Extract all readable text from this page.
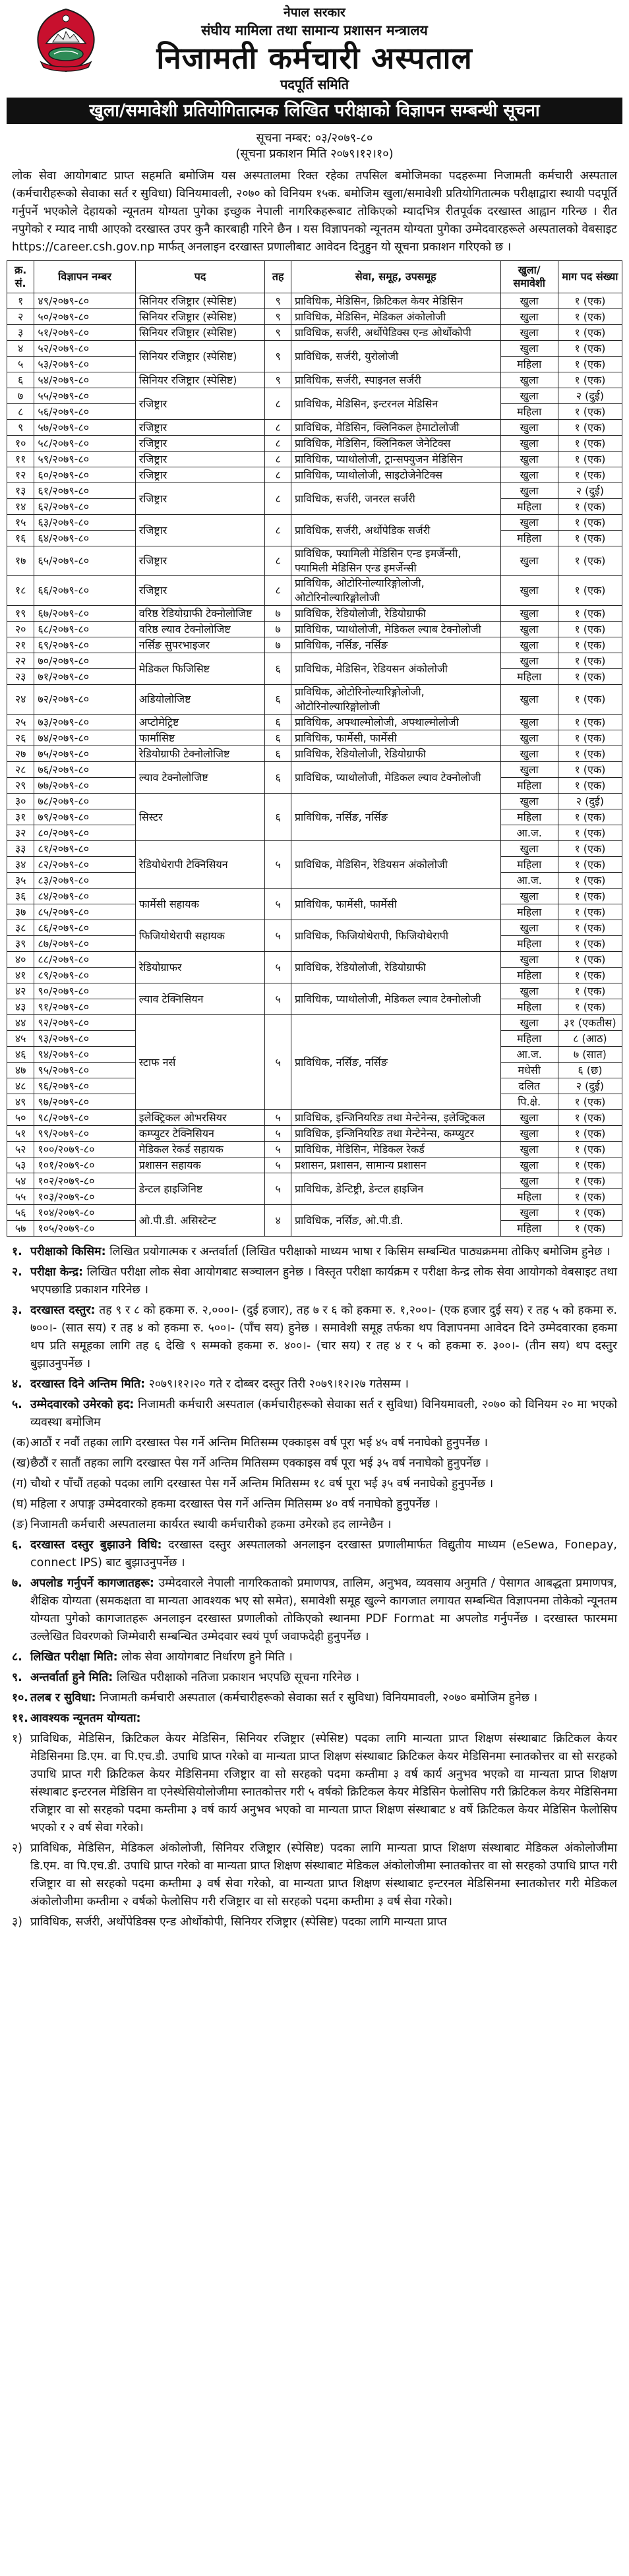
नेपाल सरकार
संघीय मामिला तथा सामान्य प्रशासन मन्त्रालय
निजामती कर्मचारी अस्पताल
पदपूर्ति समिति
खुला/समावेशी प्रतियोगितात्मक लिखित परीक्षाको विज्ञापन सम्बन्धी सूचना
सूचना नम्बर: ०३/२०७९-८०
(सूचना प्रकाशन मिति २०७९।१२।१०)
लोक सेवा आयोगबाट प्राप्त सहमति बमोजिम यस अस्पतालमा रिक्त रहेका तपसिल बमोजिमका पदहरूमा निजामती कर्मचारी अस्पताल (कर्मचारीहरूको सेवाका सर्त र सुविधा) विनियमावली, २०७० को विनियम १५क. बमोजिम खुला/समावेशी प्रतियोगितात्मक परीक्षाद्वारा स्थायी पदपूर्ति गर्नुपर्ने भएकोले देहायको न्यूनतम योग्यता पुगेका इच्छुक नेपाली नागरिकहरूबाट तोकिएको म्यादभित्र रीतपूर्वक दरखास्त आह्वान गरिन्छ । रीत नपुगेको र म्याद नाघी आएको दरखास्त उपर कुनै कारबाही गरिने छैन । यस विज्ञापनको न्यूनतम योग्यता पुगेका उम्मेदवारहरूले अस्पतालको वेबसाइट https://career.csh.gov.np मार्फत् अनलाइन दरखास्त प्रणालीबाट आवेदन दिनुहुन यो सूचना प्रकाशन गरिएको छ ।
क्र. सं.	विज्ञापन नम्बर	पद	तह	सेवा, समूह, उपसमूह	खुला/ समावेशी	माग पद संख्या
१	४९/२०७९-८०	सिनियर रजिष्ट्रार (स्पेसिष्ट)	९	प्राविधिक, मेडिसिन, क्रिटिकल केयर मेडिसिन	खुला	१ (एक)
२	५०/२०७९-८०	सिनियर रजिष्ट्रार (स्पेसिष्ट)	९	प्राविधिक, मेडिसिन, मेडिकल अंकोलोजी	खुला	१ (एक)
३	५१/२०७९-८०	सिनियर रजिष्ट्रार (स्पेसिष्ट)	९	प्राविधिक, सर्जरी, अर्थोपेडिक्स एन्ड ओर्थोकोपी	खुला	१ (एक)
४	५२/२०७९-८०	सिनियर रजिष्ट्रार (स्पेसिष्ट)	९	प्राविधिक, सर्जरी, युरोलोजी	खुला	१ (एक)
५	५३/२०७९-८०				महिला	१ (एक)
६	५४/२०७९-८०	सिनियर रजिष्ट्रार (स्पेसिष्ट)	९	प्राविधिक, सर्जरी, स्पाइनल सर्जरी	खुला	१ (एक)
७	५५/२०७९-८०	रजिष्ट्रार	८	प्राविधिक, मेडिसिन, इन्टरनल मेडिसिन	खुला	२ (दुई)
८	५६/२०७९-८०				महिला	१ (एक)
९	५७/२०७९-८०	रजिष्ट्रार	८	प्राविधिक, मेडिसिन, क्लिनिकल हेमाटोलोजी	खुला	१ (एक)
१०	५८/२०७९-८०	रजिष्ट्रार	८	प्राविधिक, मेडिसिन, क्लिनिकल जेनेटिक्स	खुला	१ (एक)
११	५९/२०७९-८०	रजिष्ट्रार	८	प्राविधिक, प्याथोलोजी, ट्रान्सफ्युजन मेडिसिन	खुला	१ (एक)
१२	६०/२०७९-८०	रजिष्ट्रार	८	प्राविधिक, प्याथोलोजी, साइटोजेनेटिक्स	खुला	१ (एक)
१३	६१/२०७९-८०	रजिष्ट्रार	८	प्राविधिक, सर्जरी, जनरल सर्जरी	खुला	२ (दुई)
१४	६२/२०७९-८०				महिला	१ (एक)
१५	६३/२०७९-८०	रजिष्ट्रार	८	प्राविधिक, सर्जरी, अर्थोपेडिक सर्जरी	खुला	१ (एक)
१६	६४/२०७९-८०				महिला	१ (एक)
१७	६५/२०७९-८०	रजिष्ट्रार	८	प्राविधिक, फ्यामिली मेडिसिन एन्ड इमर्जेन्सी, फ्यामिली मेडिसिन एन्ड इमर्जेन्सी	खुला	१ (एक)
१८	६६/२०७९-८०	रजिष्ट्रार	८	प्राविधिक, ओटोरिनोल्यारिङ्गोलोजी, ओटोरिनोल्यारिङ्गोलोजी	खुला	१ (एक)
१९	६७/२०७९-८०	वरिष्ठ रेडियोग्राफी टेक्नोलोजिष्ट	७	प्राविधिक, रेडियोलोजी, रेडियोग्राफी	खुला	१ (एक)
२०	६८/२०७९-८०	वरिष्ठ ल्याव टेक्नोलोजिष्ट	७	प्राविधिक, प्याथोलोजी, मेडिकल ल्याब टेक्नोलोजी	खुला	१ (एक)
२१	६९/२०७९-८०	नर्सिङ सुपरभाइजर	७	प्राविधिक, नर्सिङ, नर्सिङ	खुला	१ (एक)
२२	७०/२०७९-८०	मेडिकल फिजिसिष्ट	६	प्राविधिक, मेडिसिन, रेडियसन अंकोलोजी	खुला	१ (एक)
२३	७१/२०७९-८०				महिला	१ (एक)
२४	७२/२०७९-८०	अडियोलोजिष्ट	६	प्राविधिक, ओटोरिनोल्यारिङ्गोलोजी, ओटोरिनोल्यारिङ्गोलोजी	खुला	१ (एक)
२५	७३/२०७९-८०	अप्टोमेट्रिष्ट	६	प्राविधिक, अफ्थाल्मोलोजी, अफ्थाल्मोलोजी	खुला	१ (एक)
२६	७४/२०७९-८०	फार्मासिष्ट	६	प्राविधिक, फार्मेसी, फार्मेसी	खुला	१ (एक)
२७	७५/२०७९-८०	रेडियोग्राफी टेक्नोलोजिष्ट	६	प्राविधिक, रेडियोलोजी, रेडियोग्राफी	खुला	१ (एक)
२८	७६/२०७९-८०	ल्याव टेक्नोलोजिष्ट	६	प्राविधिक, प्याथोलोजी, मेडिकल ल्याव टेक्नोलोजी	खुला	१ (एक)
२९	७७/२०७९-८०				महिला	१ (एक)
३०	७८/२०७९-८०	सिस्टर	६	प्राविधिक, नर्सिङ, नर्सिङ	खुला	२ (दुई)
३१	७९/२०७९-८०				महिला	१ (एक)
३२	८०/२०७९-८०				आ.ज.	१ (एक)
३३	८१/२०७९-८०	रेडियोथेरापी टेक्निसियन	५	प्राविधिक, मेडिसिन, रेडियसन अंकोलोजी	खुला	१ (एक)
३४	८२/२०७९-८०				महिला	१ (एक)
३५	८३/२०७९-८०				आ.ज.	१ (एक)
३६	८४/२०७९-८०	फार्मेसी सहायक	५	प्राविधिक, फार्मेसी, फार्मेसी	खुला	१ (एक)
३७	८५/२०७९-८०				महिला	१ (एक)
३८	८६/२०७९-८०	फिजियोथेरापी सहायक	५	प्राविधिक, फिजियोथेरापी, फिजियोथेरापी	खुला	१ (एक)
३९	८७/२०७९-८०				महिला	१ (एक)
४०	८८/२०७९-८०	रेडियोग्राफर	५	प्राविधिक, रेडियोलोजी, रेडियोग्राफी	खुला	१ (एक)
४१	८९/२०७९-८०				महिला	१ (एक)
४२	९०/२०७९-८०	ल्याव टेक्निसियन	५	प्राविधिक, प्याथोलोजी, मेडिकल ल्याव टेक्नोलोजी	खुला	१ (एक)
४३	९१/२०७९-८०				महिला	१ (एक)
४४	९२/२०७९-८०	स्टाफ नर्स	५	प्राविधिक, नर्सिङ, नर्सिङ	खुला	३१ (एकतीस)
४५	९३/२०७९-८०				महिला	८ (आठ)
४६	९४/२०७९-८०				आ.ज.	७ (सात)
४७	९५/२०७९-८०				मधेसी	६ (छ)
४८	९६/२०७९-८०				दलित	२ (दुई)
४९	९७/२०७९-८०				पि.क्षे.	१ (एक)
५०	९८/२०७९-८०	इलेक्ट्रिकल ओभरसियर	५	प्राविधिक, इन्जिनियरिङ तथा मेन्टेनेन्स, इलेक्ट्रिकल	खुला	१ (एक)
५१	९९/२०७९-८०	कम्प्युटर टेक्निसियन	५	प्राविधिक, इन्जिनियरिङ तथा मेन्टेनेन्स, कम्प्युटर	खुला	१ (एक)
५२	१००/२०७९-८०	मेडिकल रेकर्ड सहायक	५	प्राविधिक, मेडिसिन, मेडिकल रेकर्ड	खुला	१ (एक)
५३	१०१/२०७९-८०	प्रशासन सहायक	५	प्रशासन, प्रशासन, सामान्य प्रशासन	खुला	१ (एक)
५४	१०२/२०७९-८०	डेन्टल हाइजिनिष्ट	५	प्राविधिक, डेन्टिष्ट्री, डेन्टल हाइजिन	खुला	१ (एक)
५५	१०३/२०७९-८०				महिला	१ (एक)
५६	१०४/२०७९-८०	ओ.पी.डी. असिस्टेन्ट	४	प्राविधिक, नर्सिङ, ओ.पी.डी.	खुला	१ (एक)
५७	१०५/२०७९-८०				महिला	१ (एक)
१. परीक्षाको किसिम: लिखित प्रयोगात्मक र अन्तर्वार्ता (लिखित परीक्षाको माध्यम भाषा र किसिम सम्बन्धित पाठ्यक्रममा तोकिए बमोजिम हुनेछ ।
२. परीक्षा केन्द्र: लिखित परीक्षा लोक सेवा आयोगबाट सञ्चालन हुनेछ । विस्तृत परीक्षा कार्यक्रम र परीक्षा केन्द्र लोक सेवा आयोगको वेबसाइट तथा भएपछाडि प्रकाशन गरिनेछ ।
३. दरखास्त दस्तुर: तह ९ र ८ को हकमा रु. २,०००।- (दुई हजार), तह ७ र ६ को हकमा रु. १,२००।- (एक हजार दुई सय) र तह ५ को हकमा रु. ७००।- (सात सय) र तह ४ को हकमा रु. ५००।- (पाँच सय) हुनेछ । समावेशी समूह तर्फका थप विज्ञापनमा आवेदन दिने उम्मेदवारका हकमा थप प्रति समूहका लागि तह ६ देखि ९ सम्मको हकमा रु. ४००।- (चार सय) र तह ४ र ५ को हकमा रु. ३००।- (तीन सय) थप दस्तुर बुझाउनुपर्नेछ ।
४. दरखास्त दिने अन्तिम मिति: २०७९।१२।२० गते र दोब्बर दस्तुर तिरी २०७९।१२।२७ गतेसम्म ।
५. उम्मेदवारको उमेरको हद: निजामती कर्मचारी अस्पताल (कर्मचारीहरूको सेवाका सर्त र सुविधा) विनियमावली, २०७० को विनियम २० मा भएको व्यवस्था बमोजिम
(क) आठौं र नवौं तहका लागि दरखास्त पेस गर्ने अन्तिम मितिसम्म एक्काइस वर्ष पूरा भई ४५ वर्ष ननाघेको हुनुपर्नेछ ।
(ख) छैठौं र सातौं तहका लागि दरखास्त पेस गर्ने अन्तिम मितिसम्म एक्काइस वर्ष पूरा भई ३५ वर्ष ननाघेको हुनुपर्नेछ ।
(ग) चौथो र पाँचौं तहको पदका लागि दरखास्त पेस गर्ने अन्तिम मितिसम्म १८ वर्ष पूरा भई ३५ वर्ष ननाघेको हुनुपर्नेछ ।
(घ) महिला र अपाङ्ग उम्मेदवारको हकमा दरखास्त पेस गर्ने अन्तिम मितिसम्म ४० वर्ष ननाघेको हुनुपर्नेछ ।
(ङ) निजामती कर्मचारी अस्पतालमा कार्यरत स्थायी कर्मचारीको हकमा उमेरको हद लाग्नेछैन ।
६. दरखास्त दस्तुर बुझाउने विधि: दरखास्त दस्तुर अस्पतालको अनलाइन दरखास्त प्रणालीमार्फत विद्युतीय माध्यम (eSewa, Fonepay, connect IPS) बाट बुझाउनुपर्नेछ ।
७. अपलोड गर्नुपर्ने कागजातहरू: उम्मेदवारले नेपाली नागरिकताको प्रमाणपत्र, तालिम, अनुभव, व्यवसाय अनुमति / पेसागत आबद्धता प्रमाणपत्र, शैक्षिक योग्यता (समकक्षता वा मान्यता आवश्यक भए सो समेत), समावेशी समूह खुल्ने कागजात लगायत सम्बन्धित विज्ञापनमा तोकेको न्यूनतम योग्यता पुगेको कागजातहरू अनलाइन दरखास्त प्रणालीको तोकिएको स्थानमा PDF Format मा अपलोड गर्नुपर्नेछ । दरखास्त फारममा उल्लेखित विवरणको जिम्मेवारी सम्बन्धित उम्मेदवार स्वयं पूर्ण जवाफदेही हुनुपर्नेछ ।
८. लिखित परीक्षा मिति: लोक सेवा आयोगबाट निर्धारण हुने मिति ।
९. अन्तर्वार्ता हुने मिति: लिखित परीक्षाको नतिजा प्रकाशन भएपछि सूचना गरिनेछ ।
१०. तलब र सुविधा: निजामती कर्मचारी अस्पताल (कर्मचारीहरूको सेवाका सर्त र सुविधा) विनियमावली, २०७० बमोजिम हुनेछ ।
११. आवश्यक न्यूनतम योग्यता:
१) प्राविधिक, मेडिसिन, क्रिटिकल केयर मेडिसिन, सिनियर रजिष्ट्रार (स्पेसिष्ट) पदका लागि मान्यता प्राप्त शिक्षण संस्थाबाट क्रिटिकल केयर मेडिसिनमा डि.एम. वा पि.एच.डी. उपाधि प्राप्त गरेको वा मान्यता प्राप्त शिक्षण संस्थाबाट क्रिटिकल केयर मेडिसिनमा स्नातकोत्तर वा सो सरहको उपाधि प्राप्त गरी क्रिटिकल केयर मेडिसिनमा रजिष्ट्रार वा सो सरहको पदमा कम्तीमा ३ वर्ष कार्य अनुभव भएको वा मान्यता प्राप्त शिक्षण संस्थाबाट इन्टरनल मेडिसिन वा एनेस्थेसियोलोजीमा स्नातकोत्तर गरी ५ वर्षको क्रिटिकल केयर मेडिसिन फेलोसिप गरी क्रिटिकल केयर मेडिसिनमा रजिष्ट्रार वा सो सरहको पदमा कम्तीमा ३ वर्ष कार्य अनुभव भएको वा मान्यता प्राप्त शिक्षण संस्थाबाट ४ वर्षे क्रिटिकल केयर मेडिसिन फेलोसिप भएको र २ वर्ष सेवा गरेको।
२) प्राविधिक, मेडिसिन, मेडिकल अंकोलोजी, सिनियर रजिष्ट्रार (स्पेसिष्ट) पदका लागि मान्यता प्राप्त शिक्षण संस्थाबाट मेडिकल अंकोलोजीमा डि.एम. वा पि.एच.डी. उपाधि प्राप्त गरेको वा मान्यता प्राप्त शिक्षण संस्थाबाट मेडिकल अंकोलोजीमा स्नातकोत्तर वा सो सरहको उपाधि प्राप्त गरी रजिष्ट्रार वा सो सरहको पदमा कम्तीमा ३ वर्ष सेवा गरेको, वा मान्यता प्राप्त शिक्षण संस्थाबाट इन्टरनल मेडिसिनमा स्नातकोत्तर गरी मेडिकल अंकोलोजीमा कम्तीमा २ वर्षको फेलोसिप गरी रजिष्ट्रार वा सो सरहको पदमा कम्तीमा ३ वर्ष सेवा गरेको।
३) प्राविधिक, सर्जरी, अर्थोपेडिक्स एन्ड ओर्थोकोपी, सिनियर रजिष्ट्रार (स्पेसिष्ट) पदका लागि मान्यता प्राप्त
